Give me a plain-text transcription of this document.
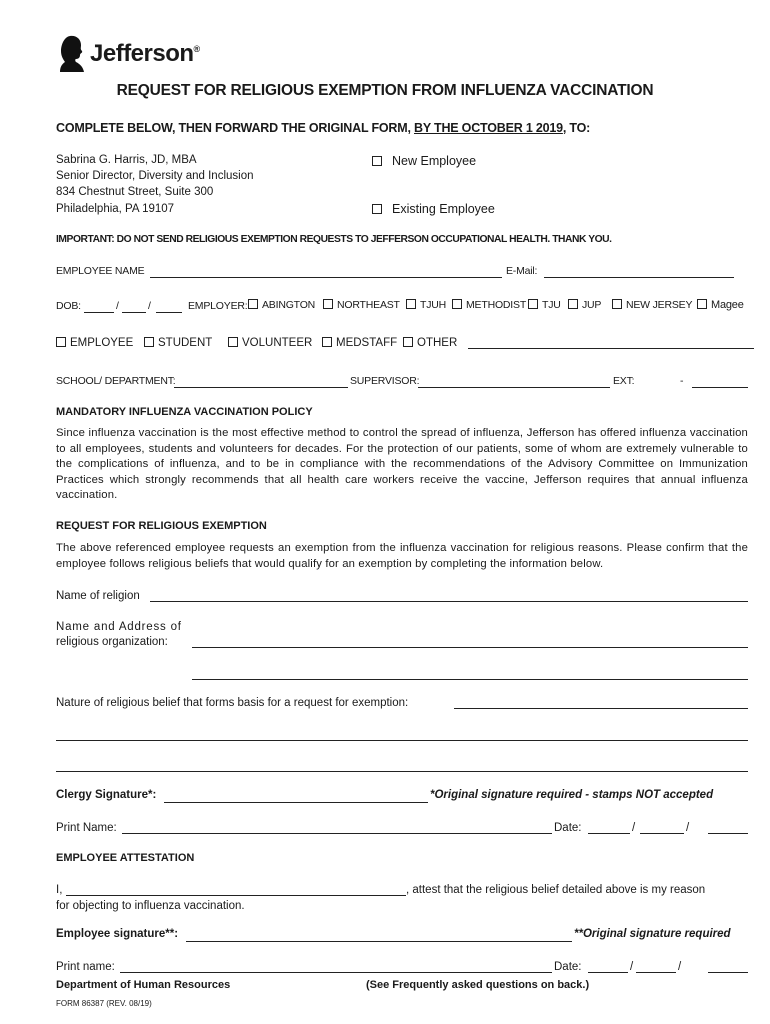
Jefferson®
REQUEST FOR RELIGIOUS EXEMPTION FROM INFLUENZA VACCINATION
COMPLETE BELOW, THEN FORWARD THE ORIGINAL FORM, BY THE OCTOBER 1 2019, TO:
Sabrina G. Harris, JD, MBA
Senior Director, Diversity and Inclusion
834 Chestnut Street, Suite 300
Philadelphia, PA 19107
New Employee
Existing Employee
IMPORTANT: DO NOT SEND RELIGIOUS EXEMPTION REQUESTS TO JEFFERSON OCCUPATIONAL HEALTH. THANK YOU.
EMPLOYEE NAME	E-Mail:
DOB:	/	/	EMPLOYER:	ABINGTON	NORTHEAST	TJUH	METHODIST	TJU	JUP	NEW JERSEY	Magee
EMPLOYEE	STUDENT	VOLUNTEER	MEDSTAFF	OTHER
SCHOOL/ DEPARTMENT:	SUPERVISOR:	EXT:	-
MANDATORY INFLUENZA VACCINATION POLICY
Since influenza vaccination is the most effective method to control the spread of influenza, Jefferson has offered influenza vaccination to all employees, students and volunteers for decades. For the protection of our patients, some of whom are extremely vulnerable to the complications of influenza, and to be in compliance with the recommendations of the Advisory Committee on Immunization Practices which strongly recommends that all health care workers receive the vaccine, Jefferson requires that annual influenza vaccination.
REQUEST FOR RELIGIOUS EXEMPTION
The above referenced employee requests an exemption from the influenza vaccination for religious reasons. Please confirm that the employee follows religious beliefs that would qualify for an exemption by completing the information below.
Name of religion
Name and Address of
religious organization:
Nature of religious belief that forms basis for a request for exemption:
Clergy Signature*:	*Original signature required - stamps NOT accepted
Print Name:	Date:	/	/
EMPLOYEE ATTESTATION
I,	, attest that the religious belief detailed above is my reason
for objecting to influenza vaccination.
Employee signature**:	**Original signature required
Print name:	Date:	/	/
Department of Human Resources	(See Frequently asked questions on back.)
FORM 86387 (REV. 08/19)
